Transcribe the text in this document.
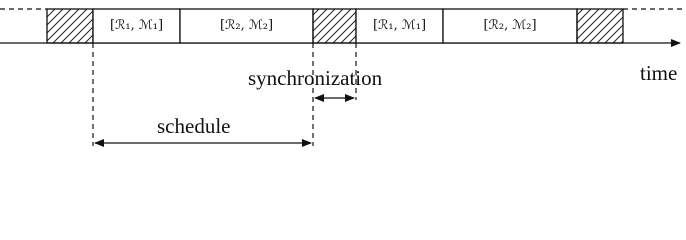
[ℛ₁, ℳ₁]	[ℛ₂, ℳ₂]	[ℛ₁, ℳ₁]	[ℛ₂, ℳ₂]
time
synchronization
schedule
